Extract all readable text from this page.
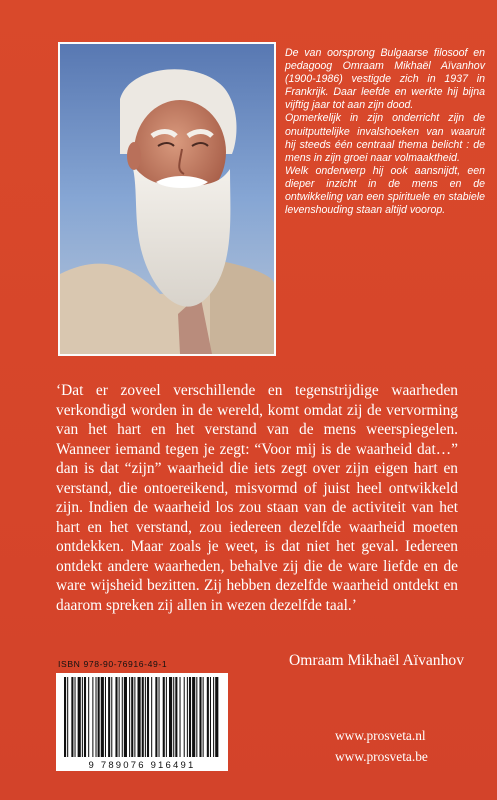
De van oorsprong Bulgaarse filosoof en pedagoog Omraam Mikhaël Aïvanhov (1900-1986) vestigde zich in 1937 in Frankrijk. Daar leefde en werkte hij bijna vijftig jaar tot aan zijn dood.

Opmerkelijk in zijn onderricht zijn de onuitputtelijke invalshoeken van waaruit hij steeds één centraal thema belicht : de mens in zijn groei naar volmaaktheid.

Welk onderwerp hij ook aansnijdt, een dieper inzicht in de mens en de ontwikkeling van een spirituele en stabiele levenshouding staan altijd voorop.

‘Dat er zoveel verschillende en tegenstrijdige waarheden verkondigd worden in de wereld, komt omdat zij de vervorming van het hart en het verstand van de mens weerspiegelen. Wanneer iemand tegen je zegt: “Voor mij is de waarheid dat…” dan is dat “zijn” waarheid die iets zegt over zijn eigen hart en verstand, die ontoereikend, misvormd of juist heel ontwikkeld zijn. Indien de waarheid los zou staan van de activiteit van het hart en het verstand, zou iedereen dezelfde waarheid moeten ontdekken. Maar zoals je weet, is dat niet het geval. Iedereen ontdekt andere waarheden, behalve zij die de ware liefde en de ware wijsheid bezitten. Zij hebben dezelfde waarheid ontdekt en daarom spreken zij allen in wezen dezelfde taal.’
Omraam Mikhaël Aïvanhov
ISBN 978-90-76916-49-1
9 789076 916491
www.prosveta.nl
www.prosveta.be
